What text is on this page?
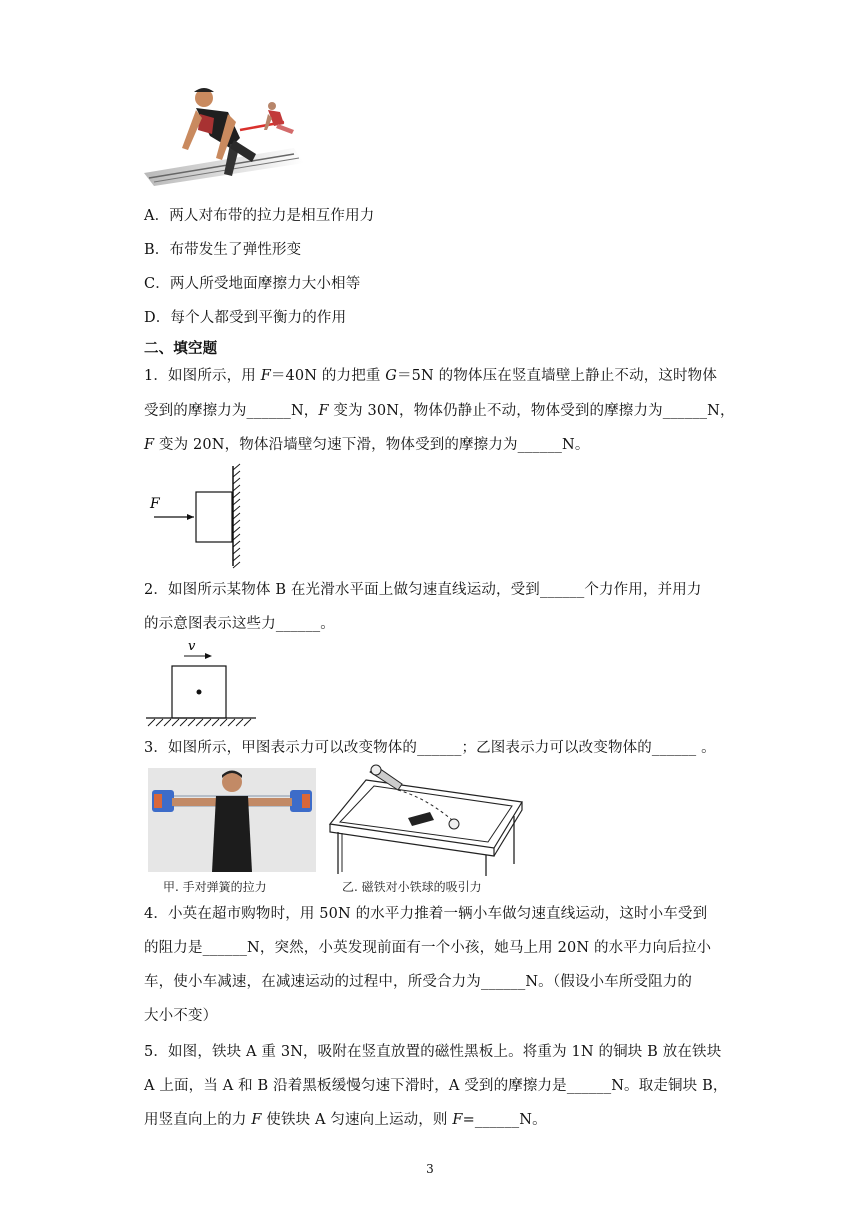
A．两人对布带的拉力是相互作用力
B．布带发生了弹性形变
C．两人所受地面摩擦力大小相等
D．每个人都受到平衡力的作用
二、填空题
1．如图所示，用 F＝40N 的力把重 G＝5N 的物体压在竖直墙壁上静止不动，这时物体
受到的摩擦力为______N，F 变为 30N，物体仍静止不动，物体受到的摩擦力为______N，
F 变为 20N，物体沿墙壁匀速下滑，物体受到的摩擦力为______N。
F
2．如图所示某物体 B 在光滑水平面上做匀速直线运动，受到______个力作用，并用力
的示意图表示这些力______。
v
3．如图所示，甲图表示力可以改变物体的______；乙图表示力可以改变物体的______ 。
甲. 手对弹簧的拉力	乙. 磁铁对小铁球的吸引力
4．小英在超市购物时，用 50N 的水平力推着一辆小车做匀速直线运动，这时小车受到
的阻力是______N，突然，小英发现前面有一个小孩，她马上用 20N 的水平力向后拉小
车，使小车减速，在减速运动的过程中，所受合力为______N。（假设小车所受阻力的
大小不变）
5．如图，铁块 A 重 3N，吸附在竖直放置的磁性黑板上。将重为 1N 的铜块 B 放在铁块
A 上面，当 A 和 B 沿着黑板缓慢匀速下滑时，A 受到的摩擦力是______N。取走铜块 B，
用竖直向上的力 F 使铁块 A 匀速向上运动，则 F=______N。
3
